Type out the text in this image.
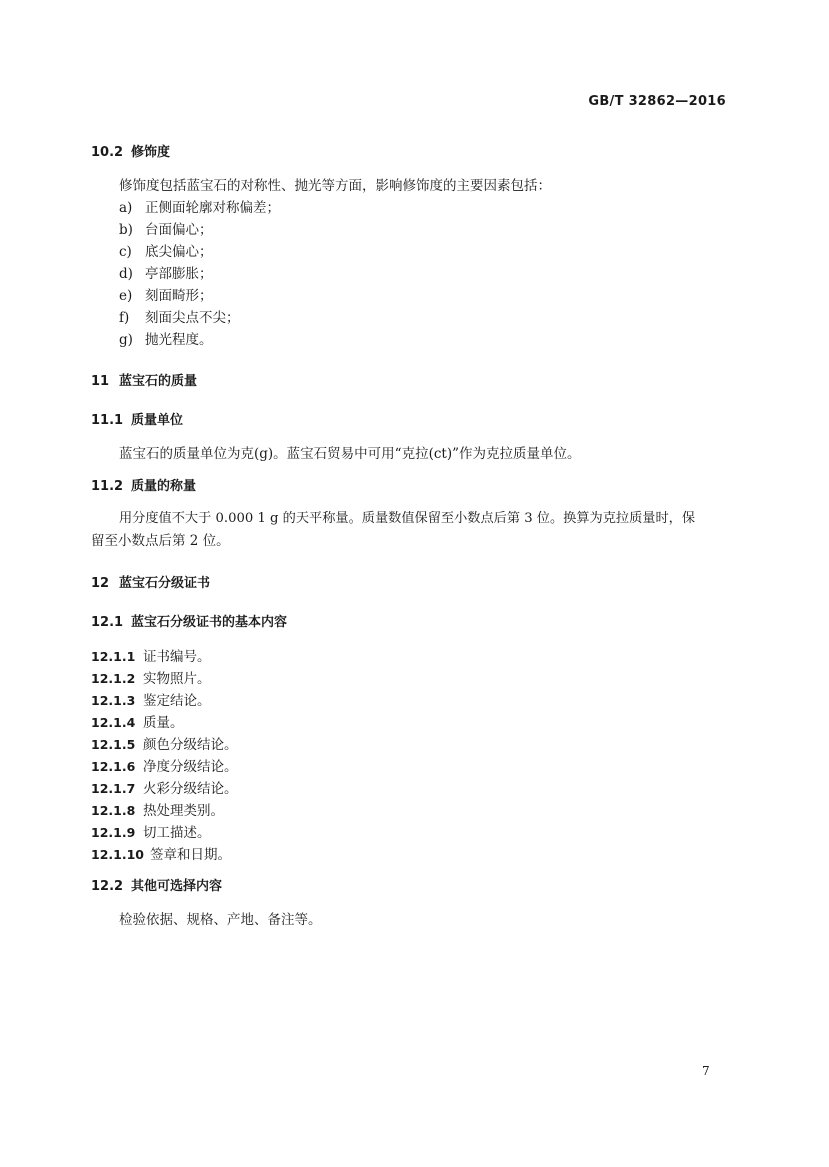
GB/T 32862—2016
10.2 修饰度
修饰度包括蓝宝石的对称性、抛光等方面，影响修饰度的主要因素包括：
a) 正侧面轮廓对称偏差；
b) 台面偏心；
c) 底尖偏心；
d) 亭部膨胀；
e) 刻面畸形；
f) 刻面尖点不尖；
g) 抛光程度。
11 蓝宝石的质量
11.1 质量单位
蓝宝石的质量单位为克(g)。蓝宝石贸易中可用“克拉(ct)”作为克拉质量单位。
11.2 质量的称量
用分度值不大于 0.000 1 g 的天平称量。质量数值保留至小数点后第 3 位。换算为克拉质量时，保
留至小数点后第 2 位。
12 蓝宝石分级证书
12.1 蓝宝石分级证书的基本内容
12.1.1 证书编号。
12.1.2 实物照片。
12.1.3 鉴定结论。
12.1.4 质量。
12.1.5 颜色分级结论。
12.1.6 净度分级结论。
12.1.7 火彩分级结论。
12.1.8 热处理类别。
12.1.9 切工描述。
12.1.10 签章和日期。
12.2 其他可选择内容
检验依据、规格、产地、备注等。
7
